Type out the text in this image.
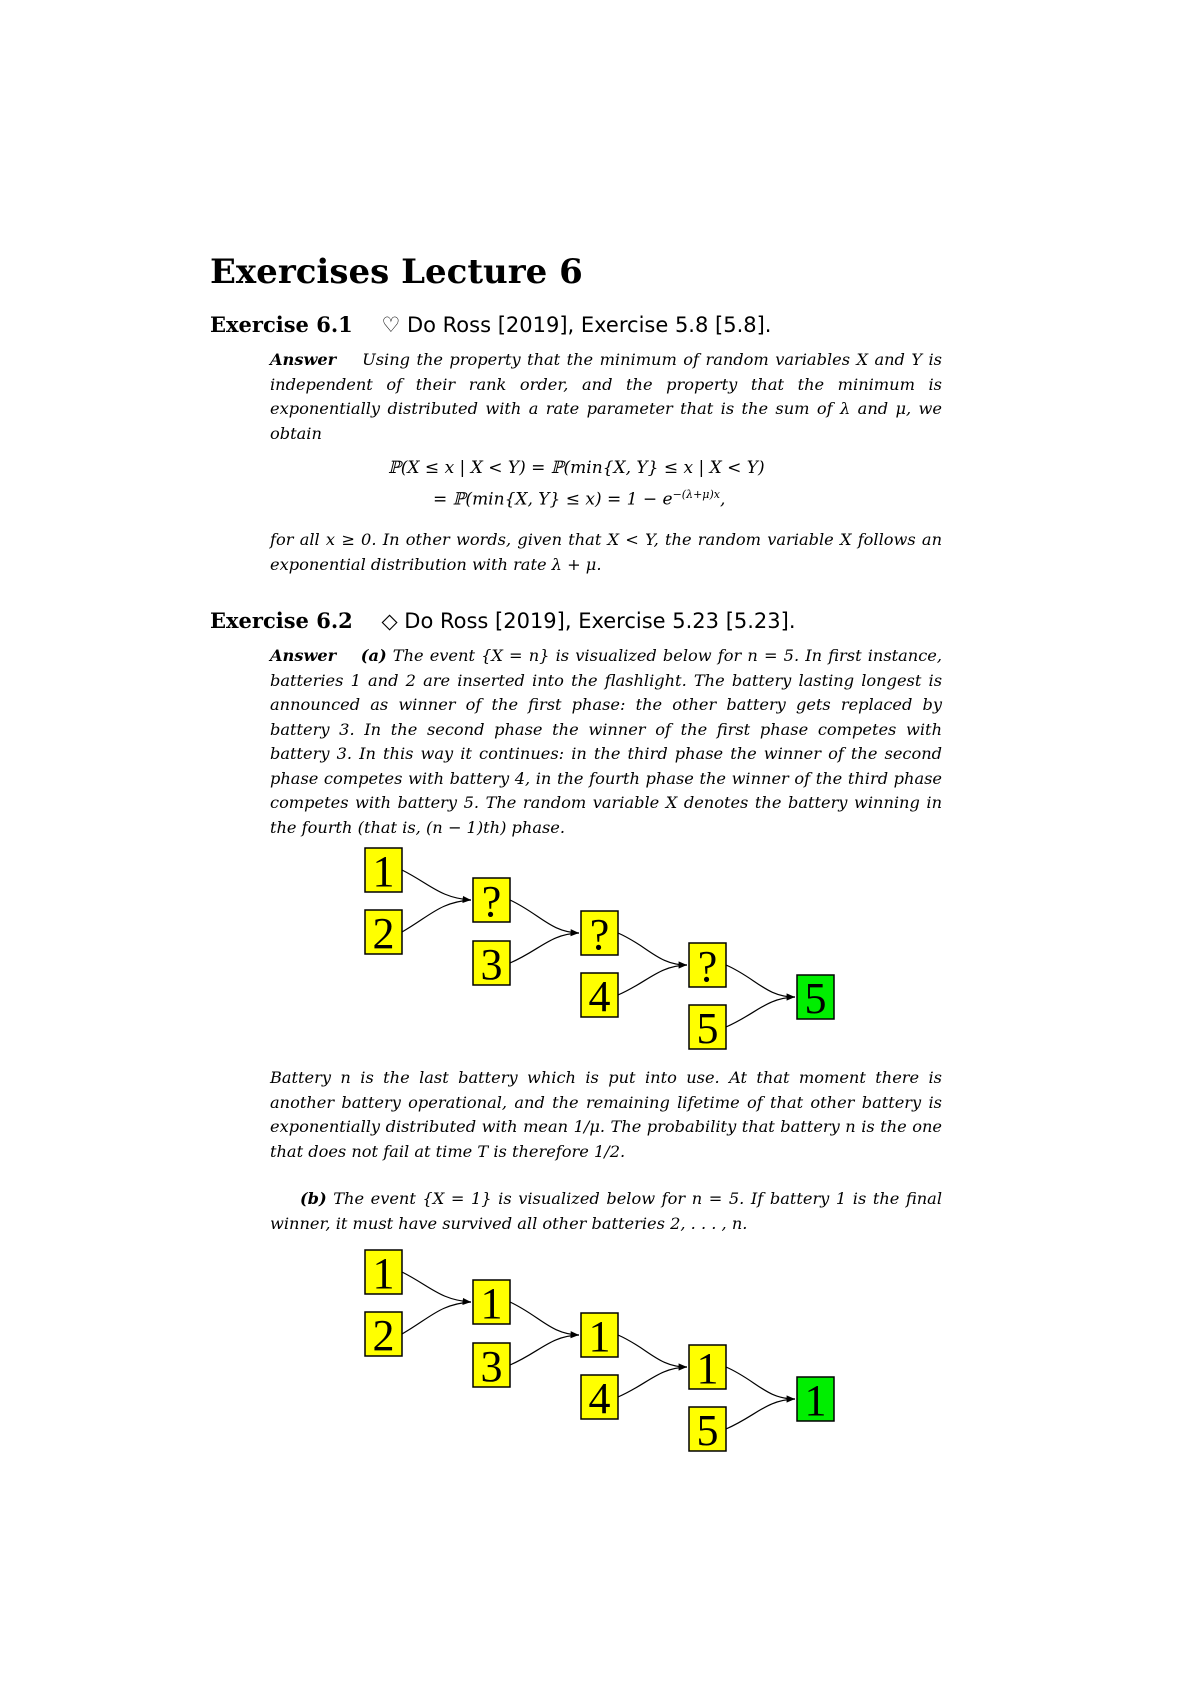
Exercises Lecture 6
Exercise 6.1 ♡ Do Ross [2019], Exercise 5.8 [5.8].
Answer Using the property that the minimum of random variables X and Y is independent of their rank order, and the property that the minimum is exponentially distributed with a rate parameter that is the sum of λ and μ, we obtain
ℙ(X ≤ x | X < Y) = ℙ(min{X, Y} ≤ x | X < Y)
= ℙ(min{X, $Y\} \le x) = 1 - e^{-(\lambda+\mu)x}$,
for all x ≥ 0. In other words, given that X < Y, the random variable X follows an exponential distribution with rate λ + μ.
Exercise 6.2 ◇ Do Ross [2019], Exercise 5.23 [5.23].
Answer (a) The event {X = n} is visualized below for n = 5. In first instance, batteries 1 and 2 are inserted into the flashlight. The battery lasting longest is announced as winner of the first phase: the other battery gets replaced by battery 3. In the second phase the winner of the first phase competes with battery 3. In this way it continues: in the third phase the winner of the second phase competes with battery 4, in the fourth phase the winner of the third phase competes with battery 5. The random variable X denotes the battery winning in the fourth (that is, (n − 1)th) phase.
1
2
?
3
?
4
?
5
5
Battery n is the last battery which is put into use. At that moment there is another battery operational, and the remaining lifetime of that other battery is exponentially distributed with mean 1/μ. The probability that battery n is the one that does not fail at time T is therefore 1/2.
(b) The event {X = 1} is visualized below for n = 5. If battery 1 is the final winner, it must have survived all other batteries 2, . . . , n.
1
2
1
3
1
4
1
5
1
